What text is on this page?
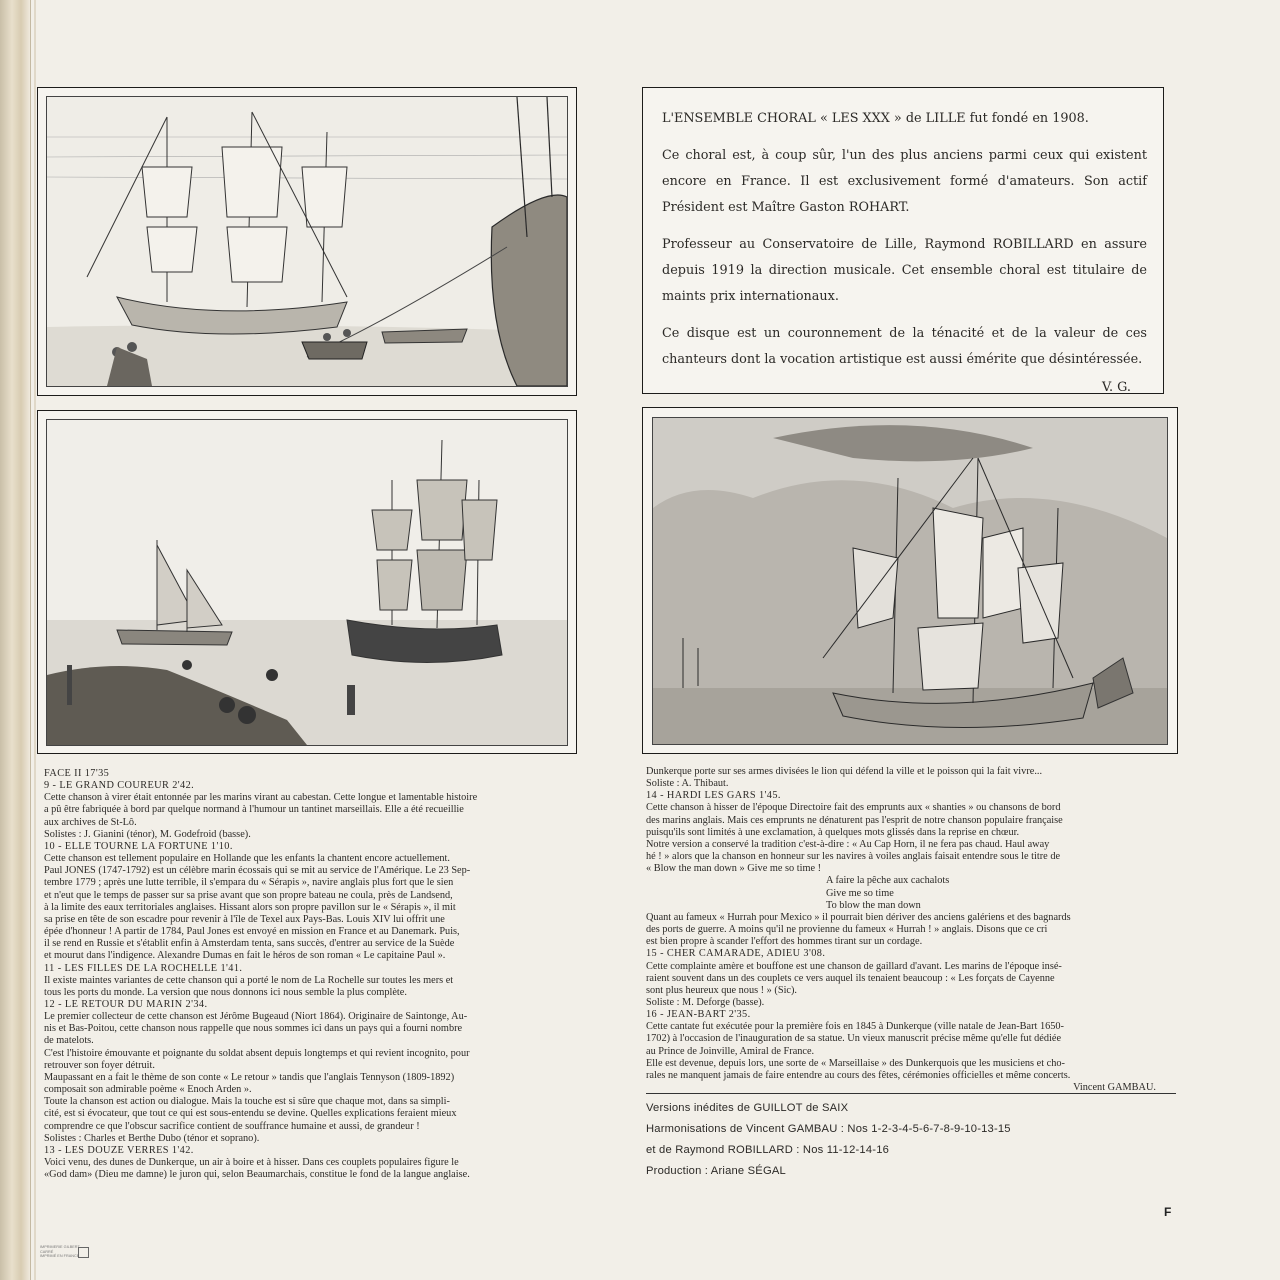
L'ENSEMBLE CHORAL « LES XXX » de LILLE fut fondé en 1908.

Ce choral est, à coup sûr, l'un des plus anciens parmi ceux qui existent encore en France. Il est exclusivement formé d'amateurs. Son actif Président est Maître Gaston ROHART.

Professeur au Conservatoire de Lille, Raymond ROBILLARD en assure depuis 1919 la direction musicale. Cet ensemble choral est titulaire de maints prix internationaux.

Ce disque est un couronnement de la ténacité et de la valeur de ces chanteurs dont la vocation artistique est aussi émérite que désintéressée.

V. G.

FACE II 17'35
9 - LE GRAND COUREUR 2'42.
Cette chanson à virer était entonnée par les marins virant au cabestan. Cette longue et lamentable histoire
a pû être fabriquée à bord par quelque normand à l'humour un tantinet marseillais. Elle a été recueillie
aux archives de St-Lô.
Solistes : J. Gianini (ténor), M. Godefroid (basse).
10 - ELLE TOURNE LA FORTUNE 1'10.
Cette chanson est tellement populaire en Hollande que les enfants la chantent encore actuellement.
Paul JONES (1747-1792) est un célèbre marin écossais qui se mit au service de l'Amérique. Le 23 Sep-
tembre 1779 ; après une lutte terrible, il s'empara du « Sérapis », navire anglais plus fort que le sien
et n'eut que le temps de passer sur sa prise avant que son propre bateau ne coula, près de Landsend,
à la limite des eaux territoriales anglaises. Hissant alors son propre pavillon sur le « Sérapis », il mit
sa prise en tête de son escadre pour revenir à l'île de Texel aux Pays-Bas. Louis XIV lui offrit une
épée d'honneur ! A partir de 1784, Paul Jones est envoyé en mission en France et au Danemark. Puis,
il se rend en Russie et s'établit enfin à Amsterdam tenta, sans succès, d'entrer au service de la Suède
et mourut dans l'indigence. Alexandre Dumas en fait le héros de son roman « Le capitaine Paul ».
11 - LES FILLES DE LA ROCHELLE 1'41.
Il existe maintes variantes de cette chanson qui a porté le nom de La Rochelle sur toutes les mers et
tous les ports du monde. La version que nous donnons ici nous semble la plus complète.
12 - LE RETOUR DU MARIN 2'34.
Le premier collecteur de cette chanson est Jérôme Bugeaud (Niort 1864). Originaire de Saintonge, Au-
nis et Bas-Poitou, cette chanson nous rappelle que nous sommes ici dans un pays qui a fourni nombre
de matelots.
C'est l'histoire émouvante et poignante du soldat absent depuis longtemps et qui revient incognito, pour
retrouver son foyer détruit.
Maupassant en a fait le thème de son conte « Le retour » tandis que l'anglais Tennyson (1809-1892)
composait son admirable poème « Enoch Arden ».
Toute la chanson est action ou dialogue. Mais la touche est si sûre que chaque mot, dans sa simpli-
cité, est si évocateur, que tout ce qui est sous-entendu se devine. Quelles explications feraient mieux
comprendre ce que l'obscur sacrifice contient de souffrance humaine et aussi, de grandeur !
Solistes : Charles et Berthe Dubo (ténor et soprano).
13 - LES DOUZE VERRES 1'42.
Voici venu, des dunes de Dunkerque, un air à boire et à hisser. Dans ces couplets populaires figure le
«God dam» (Dieu me damne) le juron qui, selon Beaumarchais, constitue le fond de la langue anglaise.
Dunkerque porte sur ses armes divisées le lion qui défend la ville et le poisson qui la fait vivre...
Soliste : A. Thibaut.
14 - HARDI LES GARS 1'45.
Cette chanson à hisser de l'époque Directoire fait des emprunts aux « shanties » ou chansons de bord
des marins anglais. Mais ces emprunts ne dénaturent pas l'esprit de notre chanson populaire française
puisqu'ils sont limités à une exclamation, à quelques mots glissés dans la reprise en chœur.
Notre version a conservé la tradition c'est-à-dire : « Au Cap Horn, il ne fera pas chaud. Haul away
hé ! » alors que la chanson en honneur sur les navires à voiles anglais faisait entendre sous le titre de
« Blow the man down » Give me so time !
A faire la pêche aux cachalots
Give me so time
To blow the man down
Quant au fameux « Hurrah pour Mexico » il pourrait bien dériver des anciens galériens et des bagnards
des ports de guerre. A moins qu'il ne provienne du fameux « Hurrah ! » anglais. Disons que ce cri
est bien propre à scander l'effort des hommes tirant sur un cordage.
15 - CHER CAMARADE, ADIEU 3'08.
Cette complainte amère et bouffone est une chanson de gaillard d'avant. Les marins de l'époque insé-
raient souvent dans un des couplets ce vers auquel ils tenaient beaucoup : « Les forçats de Cayenne
sont plus heureux que nous ! » (Sic).
Soliste : M. Deforge (basse).
16 - JEAN-BART 2'35.
Cette cantate fut exécutée pour la première fois en 1845 à Dunkerque (ville natale de Jean-Bart 1650-
1702) à l'occasion de l'inauguration de sa statue. Un vieux manuscrit précise même qu'elle fut dédiée
au Prince de Joinville, Amiral de France.
Elle est devenue, depuis lors, une sorte de « Marseillaise » des Dunkerquois que les musiciens et cho-
rales ne manquent jamais de faire entendre au cours des fêtes, cérémonies officielles et même concerts.
Vincent GAMBAU.
Versions inédites de GUILLOT de SAIX
Harmonisations de Vincent GAMBAU : Nos 1-2-3-4-5-6-7-8-9-10-13-15
et de Raymond ROBILLARD : Nos 11-12-14-16
Production : Ariane SÉGAL
F
IMPRIMERIE GILBERT CARRÉ
IMPRIMÉ EN FRANCE
